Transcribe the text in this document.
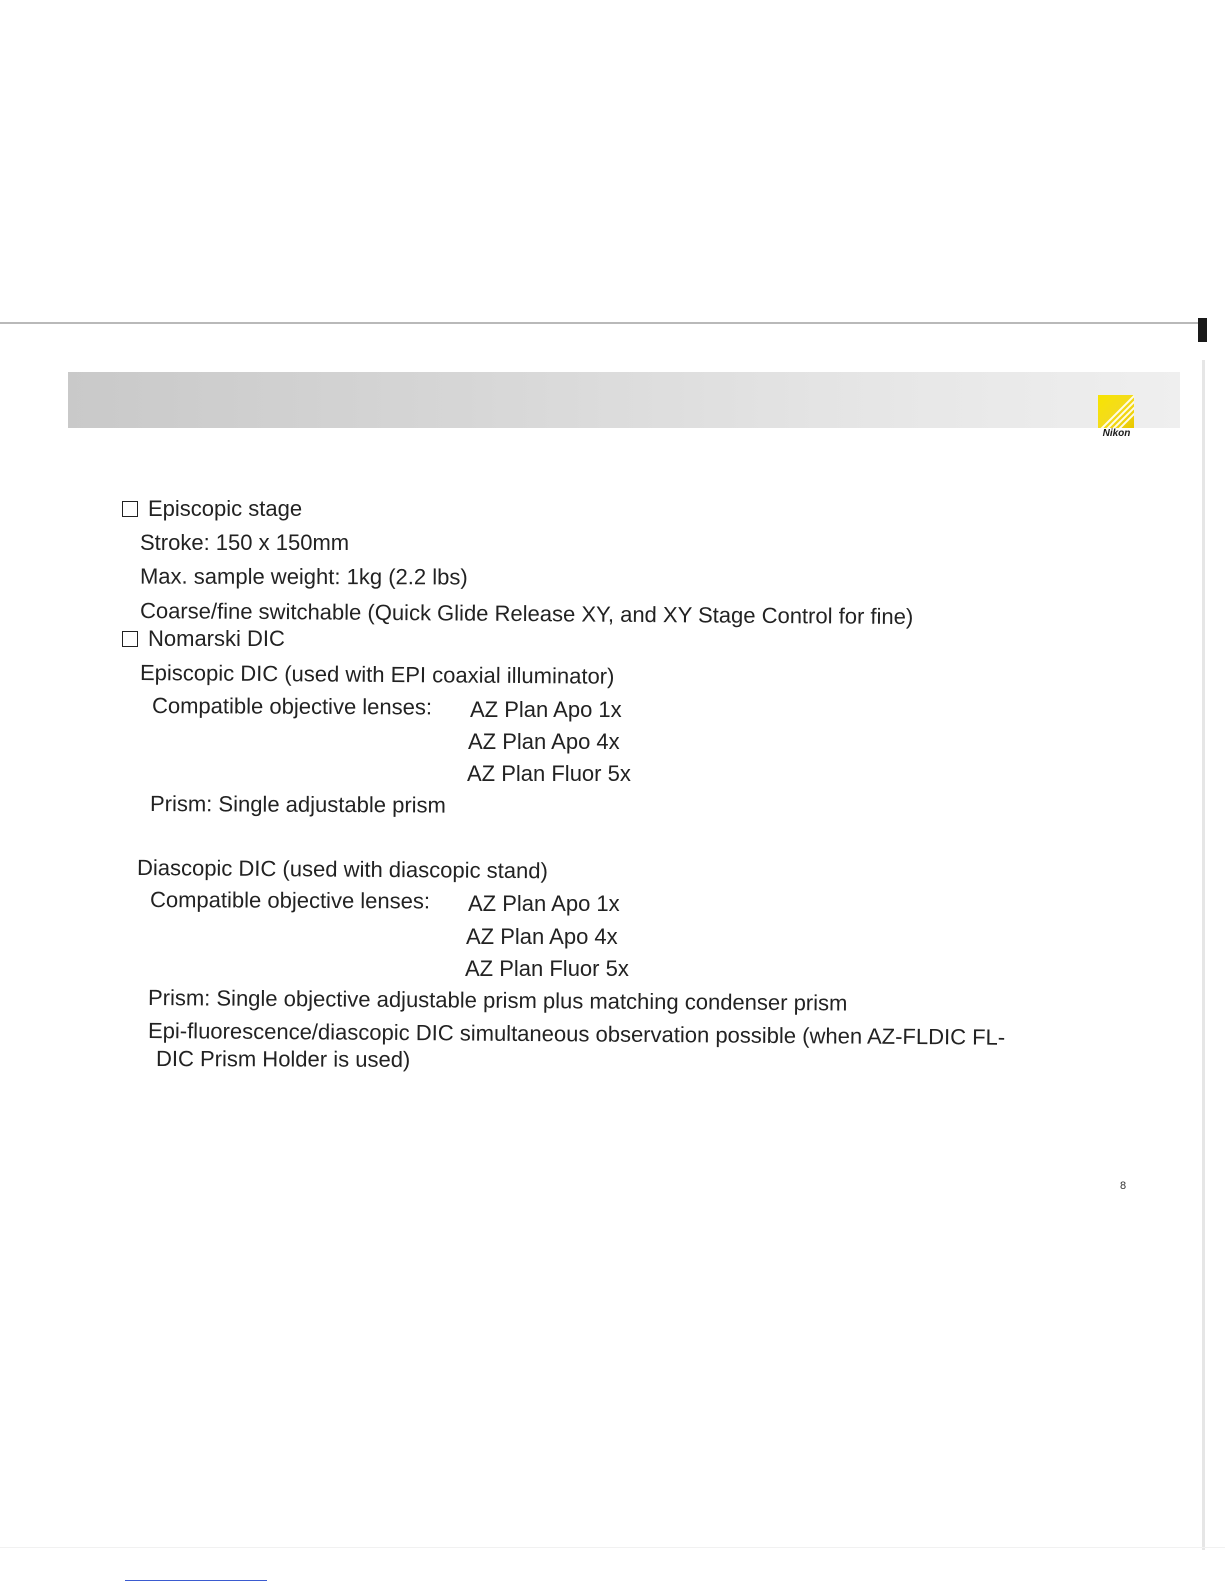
Nikon
Episcopic stage
Stroke: 150 x 150mm
Max. sample weight: 1kg (2.2 lbs)
Coarse/fine switchable (Quick Glide Release XY, and XY Stage Control for fine)
Nomarski DIC
Episcopic DIC (used with EPI coaxial illuminator)
Compatible objective lenses: AZ Plan Apo 1x
AZ Plan Apo 4x
AZ Plan Fluor 5x
Prism: Single adjustable prism
Diascopic DIC (used with diascopic stand)
Compatible objective lenses: AZ Plan Apo 1x
AZ Plan Apo 4x
AZ Plan Fluor 5x
Prism: Single objective adjustable prism plus matching condenser prism
Epi-fluorescence/diascopic DIC simultaneous observation possible (when AZ-FLDIC FL-
DIC Prism Holder is used)
8
